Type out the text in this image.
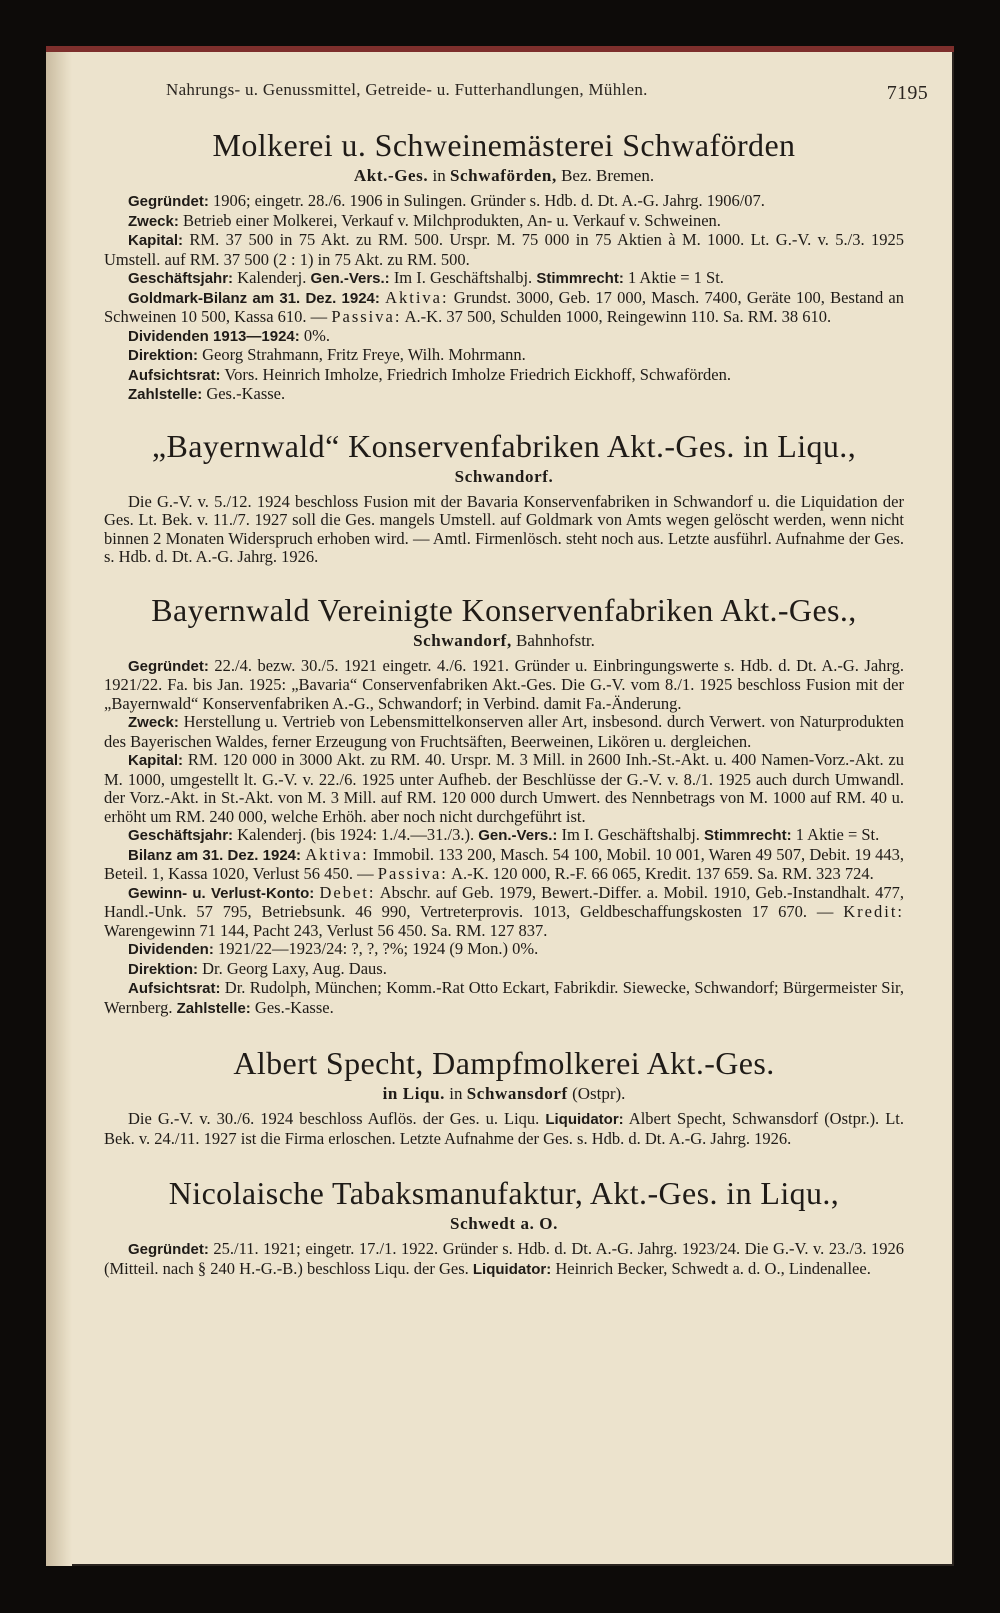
Nahrungs- u. Genussmittel, Getreide- u. Futterhandlungen, Mühlen.	7195
Molkerei u. Schweinemästerei Schwaförden
Akt.-Ges. in Schwaförden, Bez. Bremen.

Gegründet: 1906; eingetr. 28./6. 1906 in Sulingen. Gründer s. Hdb. d. Dt. A.-G. Jahrg. 1906/07.

Zweck: Betrieb einer Molkerei, Verkauf v. Milchprodukten, An- u. Verkauf v. Schweinen.

Kapital: RM. 37 500 in 75 Akt. zu RM. 500. Urspr. M. 75 000 in 75 Aktien à M. 1000. Lt. G.-V. v. 5./3. 1925 Umstell. auf RM. 37 500 (2 : 1) in 75 Akt. zu RM. 500.

Geschäftsjahr: Kalenderj. Gen.-Vers.: Im I. Geschäftshalbj. Stimmrecht: 1 Aktie = 1 St.

Goldmark-Bilanz am 31. Dez. 1924: Aktiva: Grundst. 3000, Geb. 17 000, Masch. 7400, Geräte 100, Bestand an Schweinen 10 500, Kassa 610. — Passiva: A.-K. 37 500, Schulden 1000, Reingewinn 110. Sa. RM. 38 610.

Dividenden 1913—1924: 0%.

Direktion: Georg Strahmann, Fritz Freye, Wilh. Mohrmann.

Aufsichtsrat: Vors. Heinrich Imholze, Friedrich Imholze Friedrich Eickhoff, Schwaförden.

Zahlstelle: Ges.-Kasse.

„Bayernwald“ Konservenfabriken Akt.-Ges. in Liqu.,
Schwandorf.

Die G.-V. v. 5./12. 1924 beschloss Fusion mit der Bavaria Konservenfabriken in Schwandorf u. die Liquidation der Ges. Lt. Bek. v. 11./7. 1927 soll die Ges. mangels Umstell. auf Goldmark von Amts wegen gelöscht werden, wenn nicht binnen 2 Monaten Widerspruch erhoben wird. — Amtl. Firmenlösch. steht noch aus. Letzte ausführl. Aufnahme der Ges. s. Hdb. d. Dt. A.-G. Jahrg. 1926.

Bayernwald Vereinigte Konservenfabriken Akt.-Ges.,
Schwandorf, Bahnhofstr.

Gegründet: 22./4. bezw. 30./5. 1921 eingetr. 4./6. 1921. Gründer u. Einbringungswerte s. Hdb. d. Dt. A.-G. Jahrg. 1921/22. Fa. bis Jan. 1925: „Bavaria“ Conservenfabriken Akt.-Ges. Die G.-V. vom 8./1. 1925 beschloss Fusion mit der „Bayernwald“ Konservenfabriken A.-G., Schwandorf; in Verbind. damit Fa.-Änderung.

Zweck: Herstellung u. Vertrieb von Lebensmittelkonserven aller Art, insbesond. durch Verwert. von Naturprodukten des Bayerischen Waldes, ferner Erzeugung von Fruchtsäften, Beerweinen, Likören u. dergleichen.

Kapital: RM. 120 000 in 3000 Akt. zu RM. 40. Urspr. M. 3 Mill. in 2600 Inh.-St.-Akt. u. 400 Namen-Vorz.-Akt. zu M. 1000, umgestellt lt. G.-V. v. 22./6. 1925 unter Aufheb. der Beschlüsse der G.-V. v. 8./1. 1925 auch durch Umwandl. der Vorz.-Akt. in St.-Akt. von M. 3 Mill. auf RM. 120 000 durch Umwert. des Nennbetrags von M. 1000 auf RM. 40 u. erhöht um RM. 240 000, welche Erhöh. aber noch nicht durchgeführt ist.

Geschäftsjahr: Kalenderj. (bis 1924: 1./4.—31./3.). Gen.-Vers.: Im I. Geschäftshalbj. Stimmrecht: 1 Aktie = St.

Bilanz am 31. Dez. 1924: Aktiva: Immobil. 133 200, Masch. 54 100, Mobil. 10 001, Waren 49 507, Debit. 19 443, Beteil. 1, Kassa 1020, Verlust 56 450. — Passiva: A.-K. 120 000, R.-F. 66 065, Kredit. 137 659. Sa. RM. 323 724.

Gewinn- u. Verlust-Konto: Debet: Abschr. auf Geb. 1979, Bewert.-Differ. a. Mobil. 1910, Geb.-Instandhalt. 477, Handl.-Unk. 57 795, Betriebsunk. 46 990, Vertreterprovis. 1013, Geldbeschaffungskosten 17 670. — Kredit: Warengewinn 71 144, Pacht 243, Verlust 56 450. Sa. RM. 127 837.

Dividenden: 1921/22—1923/24: ?, ?, ?%; 1924 (9 Mon.) 0%.

Direktion: Dr. Georg Laxy, Aug. Daus.

Aufsichtsrat: Dr. Rudolph, München; Komm.-Rat Otto Eckart, Fabrikdir. Siewecke, Schwandorf; Bürgermeister Sir, Wernberg. Zahlstelle: Ges.-Kasse.

Albert Specht, Dampfmolkerei Akt.-Ges.
in Liqu. in Schwansdorf (Ostpr).

Die G.-V. v. 30./6. 1924 beschloss Auflös. der Ges. u. Liqu. Liquidator: Albert Specht, Schwansdorf (Ostpr.). Lt. Bek. v. 24./11. 1927 ist die Firma erloschen. Letzte Aufnahme der Ges. s. Hdb. d. Dt. A.-G. Jahrg. 1926.

Nicolaische Tabaksmanufaktur, Akt.-Ges. in Liqu.,
Schwedt a. O.

Gegründet: 25./11. 1921; eingetr. 17./1. 1922. Gründer s. Hdb. d. Dt. A.-G. Jahrg. 1923/24. Die G.-V. v. 23./3. 1926 (Mitteil. nach § 240 H.-G.-B.) beschloss Liqu. der Ges. Liquidator: Heinrich Becker, Schwedt a. d. O., Lindenallee.
